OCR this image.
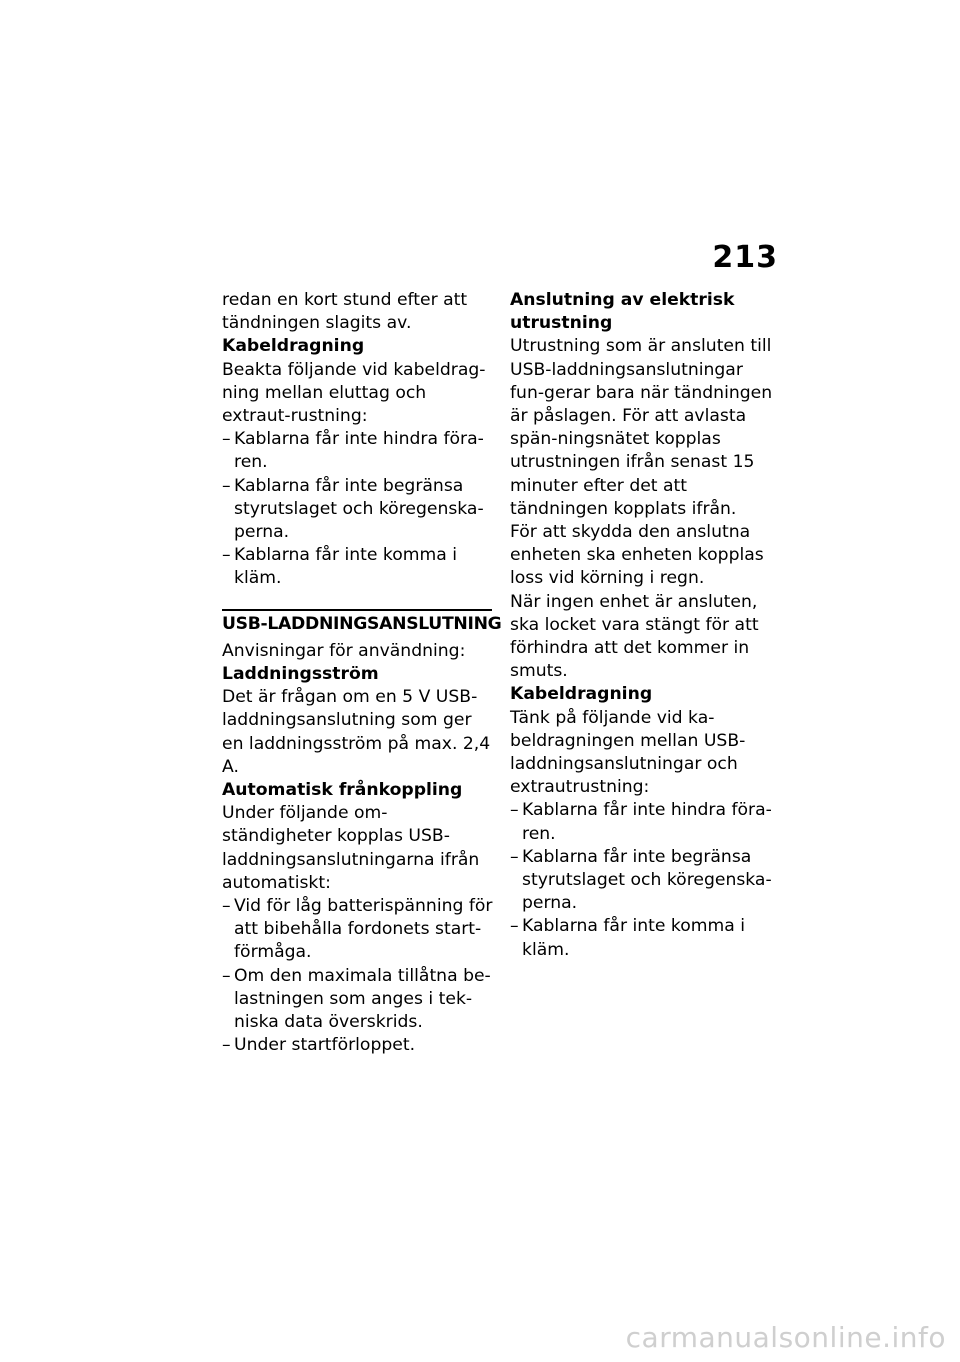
213

redan en kort stund efter att tändningen slagits av.

Kabeldragning

Beakta följande vid kabeldrag-ning mellan eluttag och extraut-rustning:

– Kablarna får inte hindra föra-ren.
– Kablarna får inte begränsa styrutslaget och köregenska-perna.
– Kablarna får inte komma i kläm.

USB-LADDNINGSANSLUTNING

Anvisningar för användning:

Laddningsström

Det är frågan om en 5 V USB-laddningsanslutning som ger en laddningsström på max. 2,4 A.

Automatisk frånkoppling

Under följande om-ständigheter kopplas USB-laddningsanslutningarna ifrån automatiskt:

– Vid för låg batterispänning för att bibehålla fordonets start-förmåga.
– Om den maximala tillåtna be-lastningen som anges i tek-niska data överskrids.
– Under startförloppet.

Anslutning av elektrisk utrustning

Utrustning som är ansluten till USB-laddningsanslutningar fun-gerar bara när tändningen är påslagen. För att avlasta spän-ningsnätet kopplas utrustningen ifrån senast 15 minuter efter det att tändningen kopplats ifrån.

För att skydda den anslutna enheten ska enheten kopplas loss vid körning i regn.

När ingen enhet är ansluten, ska locket vara stängt för att förhindra att det kommer in smuts.

Kabeldragning

Tänk på följande vid ka-beldragningen mellan USB-laddningsanslutningar och extrautrustning:

– Kablarna får inte hindra föra-ren.
– Kablarna får inte begränsa styrutslaget och köregenska-perna.
– Kablarna får inte komma i kläm.
carmanualsonline.info
